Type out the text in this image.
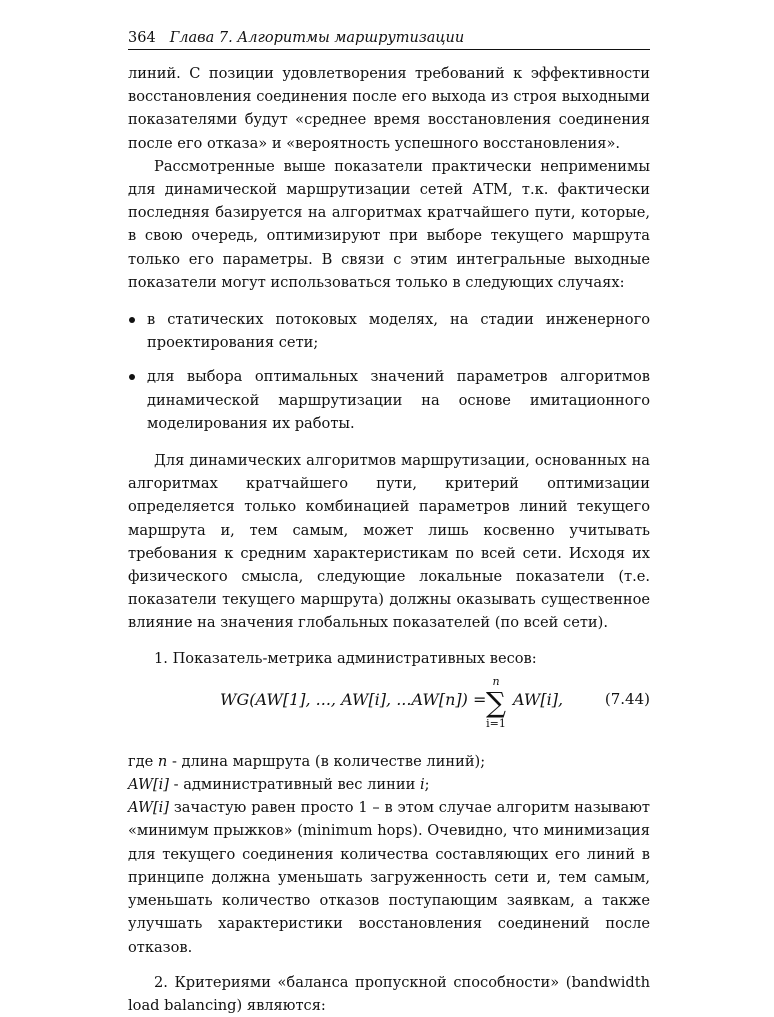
364 Глава 7. Алгоритмы маршрутизации

линий. С позиции удовлетворения требований к эффективности восстановления соединения после его выхода из строя выходными показателями будут «среднее время восстановления соединения после его отказа» и «вероятность успешного восстановления».

Рассмотренные выше показатели практически неприменимы для динамической маршрутизации сетей АТМ, т.к. фактически последняя базируется на алгоритмах кратчайшего пути, которые, в свою очередь, оптимизируют при выборе текущего маршрута только его параметры. В связи с этим интегральные выходные показатели могут использоваться только в следующих случаях:

в статических потоковых моделях, на стадии инженерного проектирования сети;
для выбора оптимальных значений параметров алгоритмов динамической маршрутизации на основе имитационного моделирования их работы.

Для динамических алгоритмов маршрутизации, основанных на алгоритмах кратчайшего пути, критерий оптимизации определяется только комбинацией параметров линий текущего маршрута и, тем самым, может лишь косвенно учитывать требования к средним характеристикам по всей сети. Исходя их физического смысла, следующие локальные показатели (т.е. показатели текущего маршрута) должны оказывать существенное влияние на значения глобальных показателей (по всей сети).

1. Показатель-метрика административных весов:

WG(AW[1], ..., AW[i], ...AW[n]) =
n
∑
i=1
AW[i],	(7.44)

где n - длина маршрута (в количестве линий);

AW[i] - административный вес линии i;

AW[i] зачастую равен просто 1 – в этом случае алгоритм называют «минимум прыжков» (minimum hops). Очевидно, что минимизация для текущего соединения количества составляющих его линий в принципе должна уменьшать загруженность сети и, тем самым, уменьшать количество отказов поступающим заявкам, а также улучшать характеристики восстановления соединений после отказов.

2. Критериями «баланса пропускной способности» (bandwidth load balancing) являются:
